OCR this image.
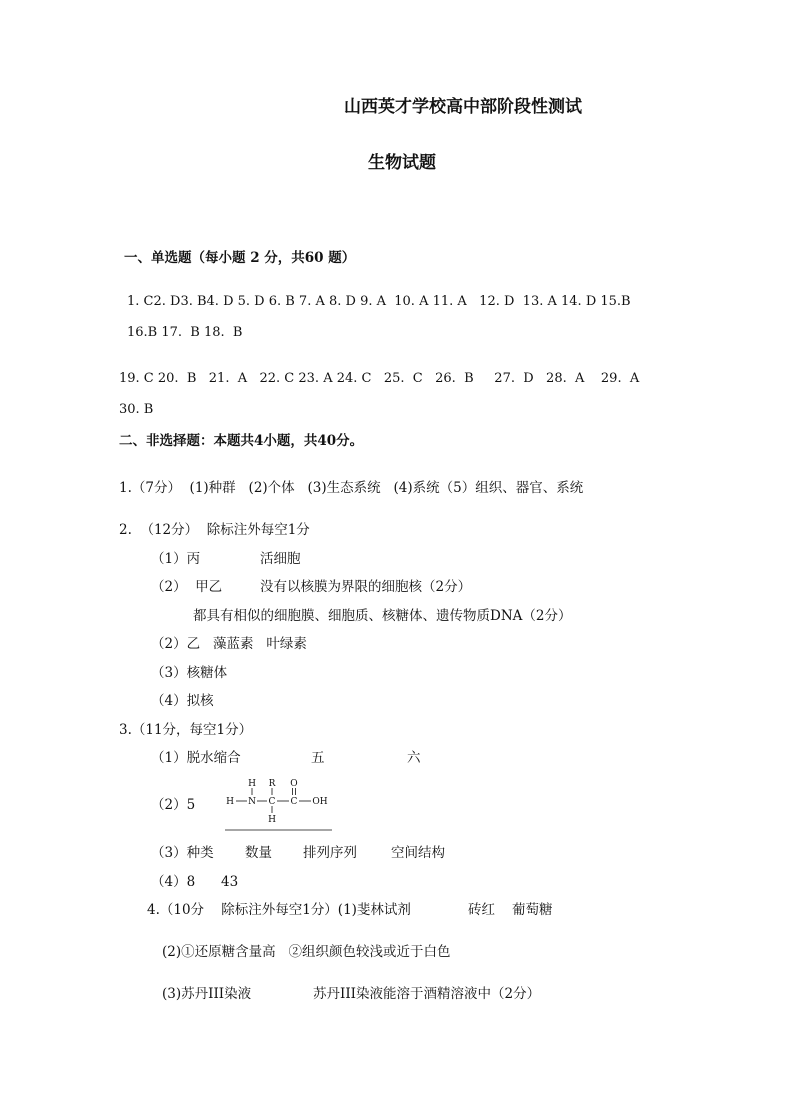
山西英才学校高中部阶段性测试
生物试题
一、单选题（每小题 2 分，共60 题）
1. C2. D3. B4. D 5. D 6. B 7. A 8. D 9. A  10. A 11. A   12. D  13. A 14. D 15.B
16.B 17.  B 18.  B
19. C 20.  B   21.  A   22. C 23. A 24. C   25.  C   26.  B     27.  D   28.  A    29.  A
30. B
二、非选择题：本题共4小题，共40分。
1.（7分）  (1)种群   (2)个体   (3)生态系统   (4)系统（5）组织、器官、系统
2.  （12分）  除标注外每空1分
（1）丙	活细胞
（2）  甲乙	没有以核膜为界限的细胞核（2分）
都具有相似的细胞膜、细胞质、核糖体、遗传物质DNA（2分）
（2）乙   藻蓝素   叶绿素
（3）核糖体
（4）拟核
3.（11分，每空1分）
（1）脱水缩合	五	六
（2）5
H R O
H N C C OH
H
（3）种类 数量 排列序列	空间结构
（4）8 43
4.（10分    除标注外每空1分）(1)斐林试剂	砖红 葡萄糖
(2)①还原糖含量高   ②组织颜色较浅或近于白色
(3)苏丹III染液	苏丹III染液能溶于酒精溶液中（2分）
